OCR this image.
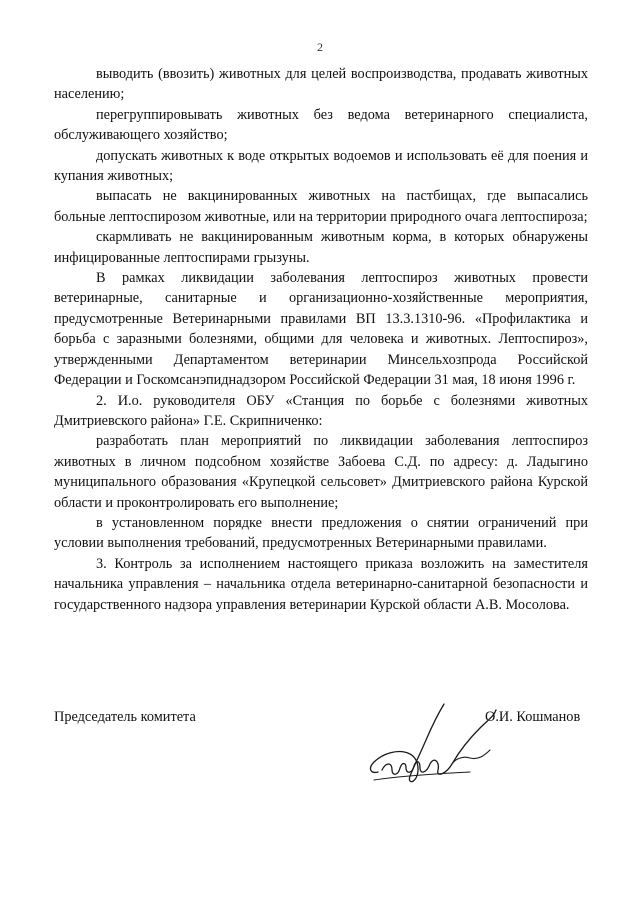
2

выводить (ввозить) животных для целей воспроизводства, продавать животных населению;

перегруппировывать животных без ведома ветеринарного специалиста, обслуживающего хозяйство;

допускать животных к воде открытых водоемов и использовать её для поения и купания животных;

выпасать не вакцинированных животных на пастбищах, где выпасались больные лептоспирозом животные, или на территории природного очага лептоспироза;

скармливать не вакцинированным животным корма, в которых обнаружены инфицированные лептоспирами грызуны.

В рамках ликвидации заболевания лептоспироз животных провести ветеринарные, санитарные и организационно-хозяйственные мероприятия, предусмотренные Ветеринарными правилами ВП 13.3.1310-96. «Профилактика и борьба с заразными болезнями, общими для человека и животных. Лептоспироз», утвержденными Департаментом ветеринарии Минсельхозпрода Российской Федерации и Госкомсанэпиднадзором Российской Федерации 31 мая, 18 июня 1996 г.

2. И.о. руководителя ОБУ «Станция по борьбе с болезнями животных Дмитриевского района» Г.Е. Скрипниченко:

разработать план мероприятий по ликвидации заболевания лептоспироз животных в личном подсобном хозяйстве Забоева С.Д. по адресу: д. Ладыгино муниципального образования «Крупецкой сельсовет» Дмитриевского района Курской области и проконтролировать его выполнение;

в установленном порядке внести предложения о снятии ограничений при условии выполнения требований, предусмотренных Ветеринарными правилами.

3. Контроль за исполнением настоящего приказа возложить на заместителя начальника управления – начальника отдела ветеринарно-санитарной безопасности и государственного надзора управления ветеринарии Курской области А.В. Мосолова.

Председатель комитета	О.И. Кошманов
